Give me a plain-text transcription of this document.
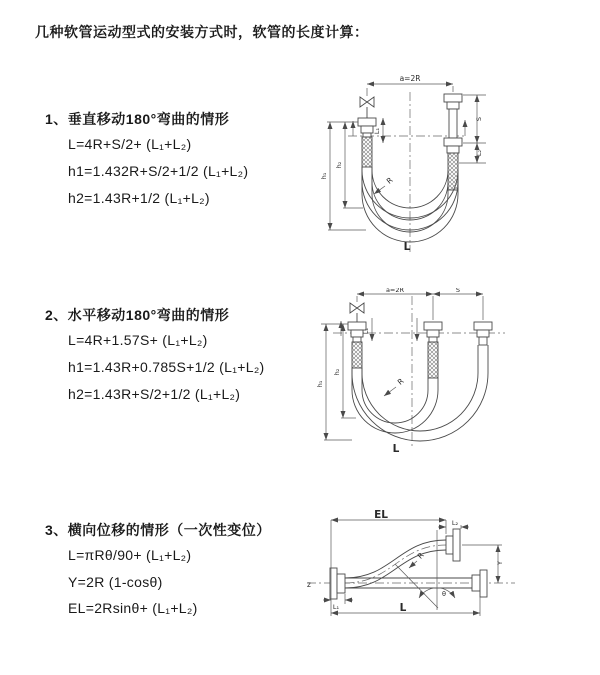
几种软管运动型式的安装方式时，软管的长度计算：
1、垂直移动180°弯曲的情形
L=4R+S/2+ (L₁+L₂)
h1=1.432R+S/2+1/2 (L₁+L₂)
h2=1.43R+1/2 (L₁+L₂)
2、水平移动180°弯曲的情形
L=4R+1.57S+ (L₁+L₂)
h1=1.43R+0.785S+1/2 (L₁+L₂)
h2=1.43R+S/2+1/2 (L₁+L₂)
3、横向位移的情形（一次性变位）
L=πRθ/90+ (L₁+L₂)
Y=2R (1-cosθ)
EL=2Rsinθ+ (L₁+L₂)
a=2R
L₁
S
L₂
h₂
h₁	R
L
a=2R	S
L₁
h₂
h₁	R
L
EL
L₂
Y
R
θ
L₁	L
z
